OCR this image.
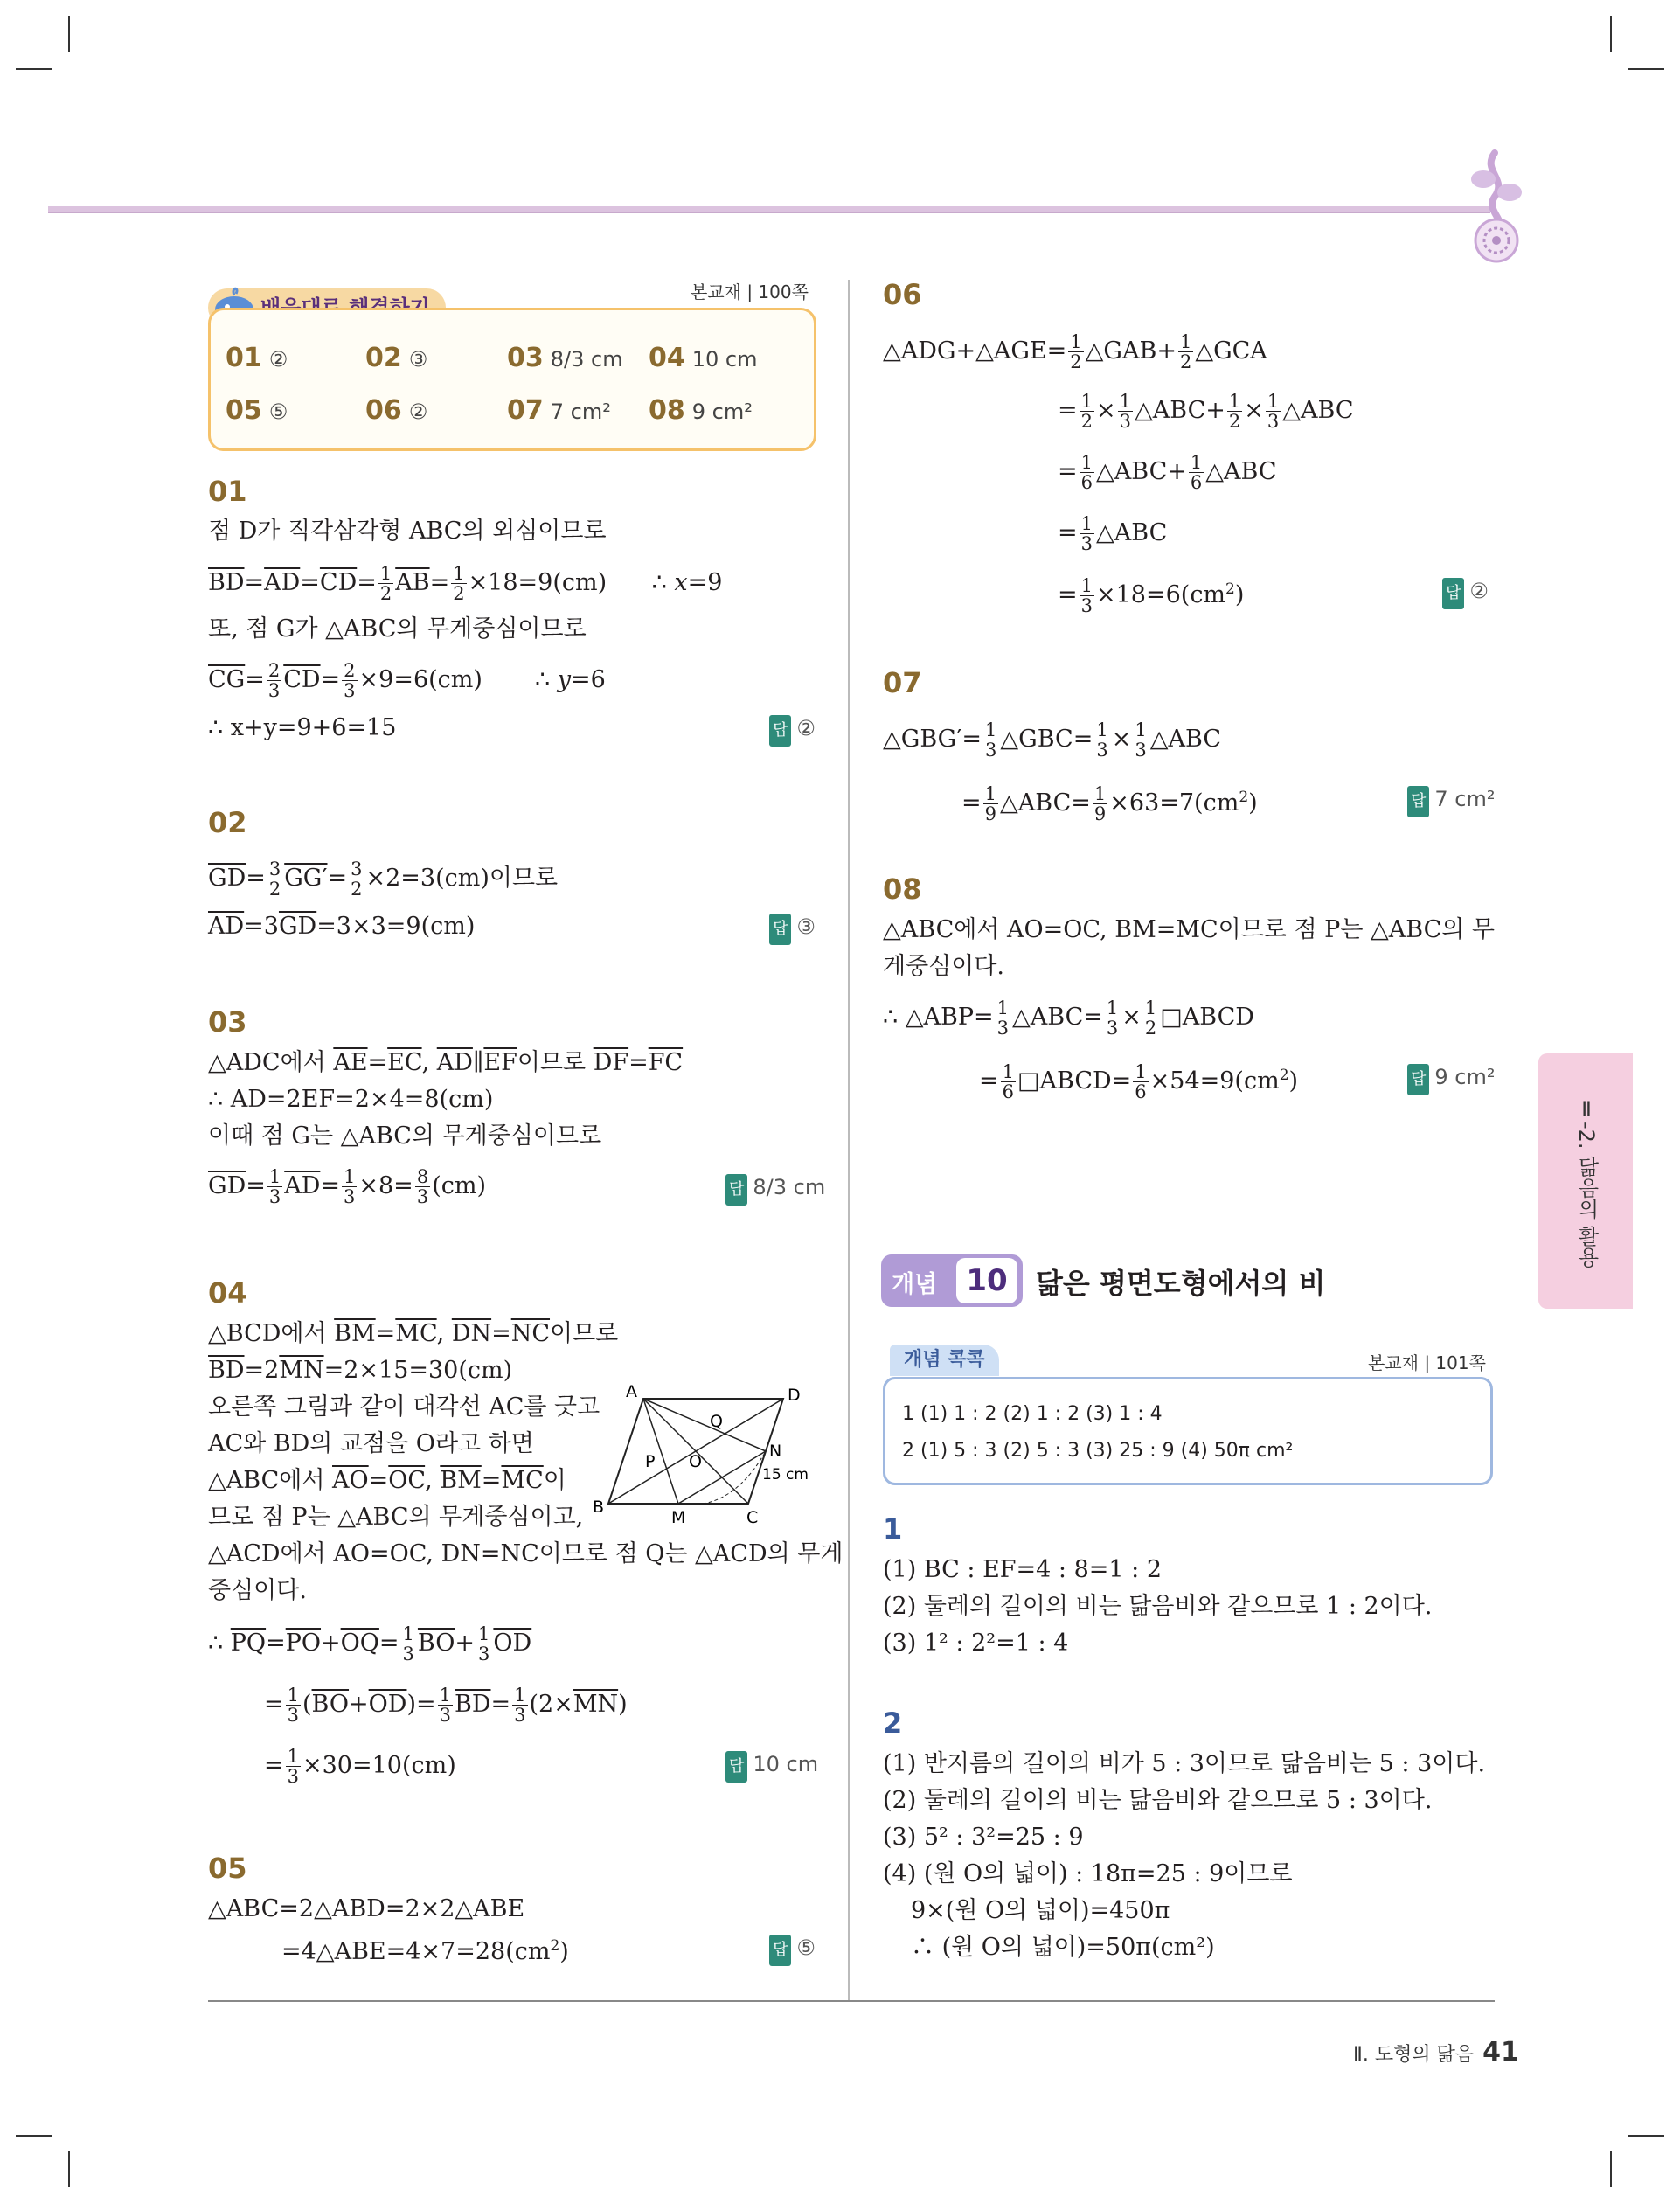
본교재 | 100쪽
01 ②	02 ③	03 8/3 cm 04 10 cm
05 ⑤	06 ②	07 7 cm² 08 9 cm²
01
점 D가 직각삼각형 ABC의 외심이므로
$\overline{BD}=\overline{AD}=\overline{CD}= \frac{1}{2} \overline{AB}= \frac{1}{2} \times 18=9(cm)$      ∴ x=9
또, 점 G가 △ABC의 무게중심이므로
$\overline{CG}= \frac{2}{3} \overline{CD}= \frac{2}{3} \times 9=6(cm)$       ∴ y=6
∴ x+y=9+6=15	답 ②
02
$\overline{GD}= \frac{3}{2} GG'= \frac{3}{2} \times 2=3(cm)$이므로
$\overline{AD}=3\overline{GD}=3\times 3=9(cm)$	답 ③
03
△ADC에서 $\overline{AE}=\overline{EC}$, $\overline{AD}\parallel\overline{EF}$이므로 $\overline{DF}=\overline{FC}$
∴ AD=2EF=2×4=8(cm)
이때 점 G는 △ABC의 무게중심이므로
$\overline{GD}= \frac{1}{3} \overline{AD}= \frac{1}{3} \times 8= \frac{8}{3} (cm)$	답 8/3 cm
04
△BCD에서 $\overline{BM}=\overline{MC}$, $\overline{DN}=\overline{NC}$이므로
$\overline{BD}=2\overline{MN}=2\times 15=30(cm)$
오른쪽 그림과 같이 대각선 AC를 긋고
AC와 BD의 교점을 O라고 하면
△ABC에서 $\overline{AO}=\overline{OC}$, $\overline{BM}=\overline{MC}$이
므로 점 P는 △ABC의 무게중심이고,
△ACD에서 AO=OC, DN=NC이므로 점 Q는 △ACD의 무게
중심이다.
A	D
B
C
M
N
O
P
Q
15 cm
∴ $\overline{PQ}=\overline{PO}+\overline{OQ}= \frac{1}{3} \overline{BO}+ \frac{1}{3} \overline{OD}$
= $\frac{1}{3} (\overline{BO}+\overline{OD})= \frac{1}{3} \overline{BD}= \frac{1}{3} (2\times\overline{MN})$
= $\frac{1}{3} \times 30=10(cm)$	답 10 cm
05
△ABC=2△ABD=2×2△ABE
$=4\triangle ABE=4\times 7=28(cm^2)$	답 ⑤
06
△ADG+△AGE= $\frac{1}{2}$ △GAB+ $\frac{1}{2}$ △GCA
= $\frac{1}{2} \times \frac{1}{3}$ △ABC+ $\frac{1}{2} \times \frac{1}{3}$ △ABC
= $\frac{1}{6}$ △ABC+ $\frac{1}{6}$ △ABC
= $\frac{1}{3}$ △ABC
= $\frac{1}{3} \times 18=6(cm^2)$	답 ②
07
△GBG′= $\frac{1}{3}$ △GBC= $\frac{1}{3} \times \frac{1}{3}$ △ABC
= $\frac{1}{9}$ △ABC= $\frac{1}{9} \times 63=7(cm^2)$	답 7 cm²
08
△ABC에서 AO=OC, BM=MC이므로 점 P는 △ABC의 무
게중심이다.
∴ △ABP= $\frac{1}{3}$ △ABC= $\frac{1}{3} \times \frac{1}{2}$ □ABCD
= $\frac{1}{6}$ □ABCD= $\frac{1}{6} \times 54=9(cm^2)$	답 9 cm²
Ⅱ-2. 닮음의 활용
개념 10	닮은 평면도형에서의 비
본교재 | 101쪽
개념 콕콕
1 (1) 1 : 2 (2) 1 : 2 (3) 1 : 4
2 (1) 5 : 3 (2) 5 : 3 (3) 25 : 9 (4) 50π cm²
1
(1) BC : EF=4 : 8=1 : 2
(2) 둘레의 길이의 비는 닮음비와 같으므로 1 : 2이다.
(3) 1² : 2²=1 : 4
2
(1) 반지름의 길이의 비가 5 : 3이므로 닮음비는 5 : 3이다.
(2) 둘레의 길이의 비는 닮음비와 같으므로 5 : 3이다.
(3) 5² : 3²=25 : 9
(4) (원 O의 넓이) : 18π=25 : 9이므로
9×(원 O의 넓이)=450π
∴ (원 O의 넓이)=50π(cm²)
Ⅱ. 도형의 닮음 41
